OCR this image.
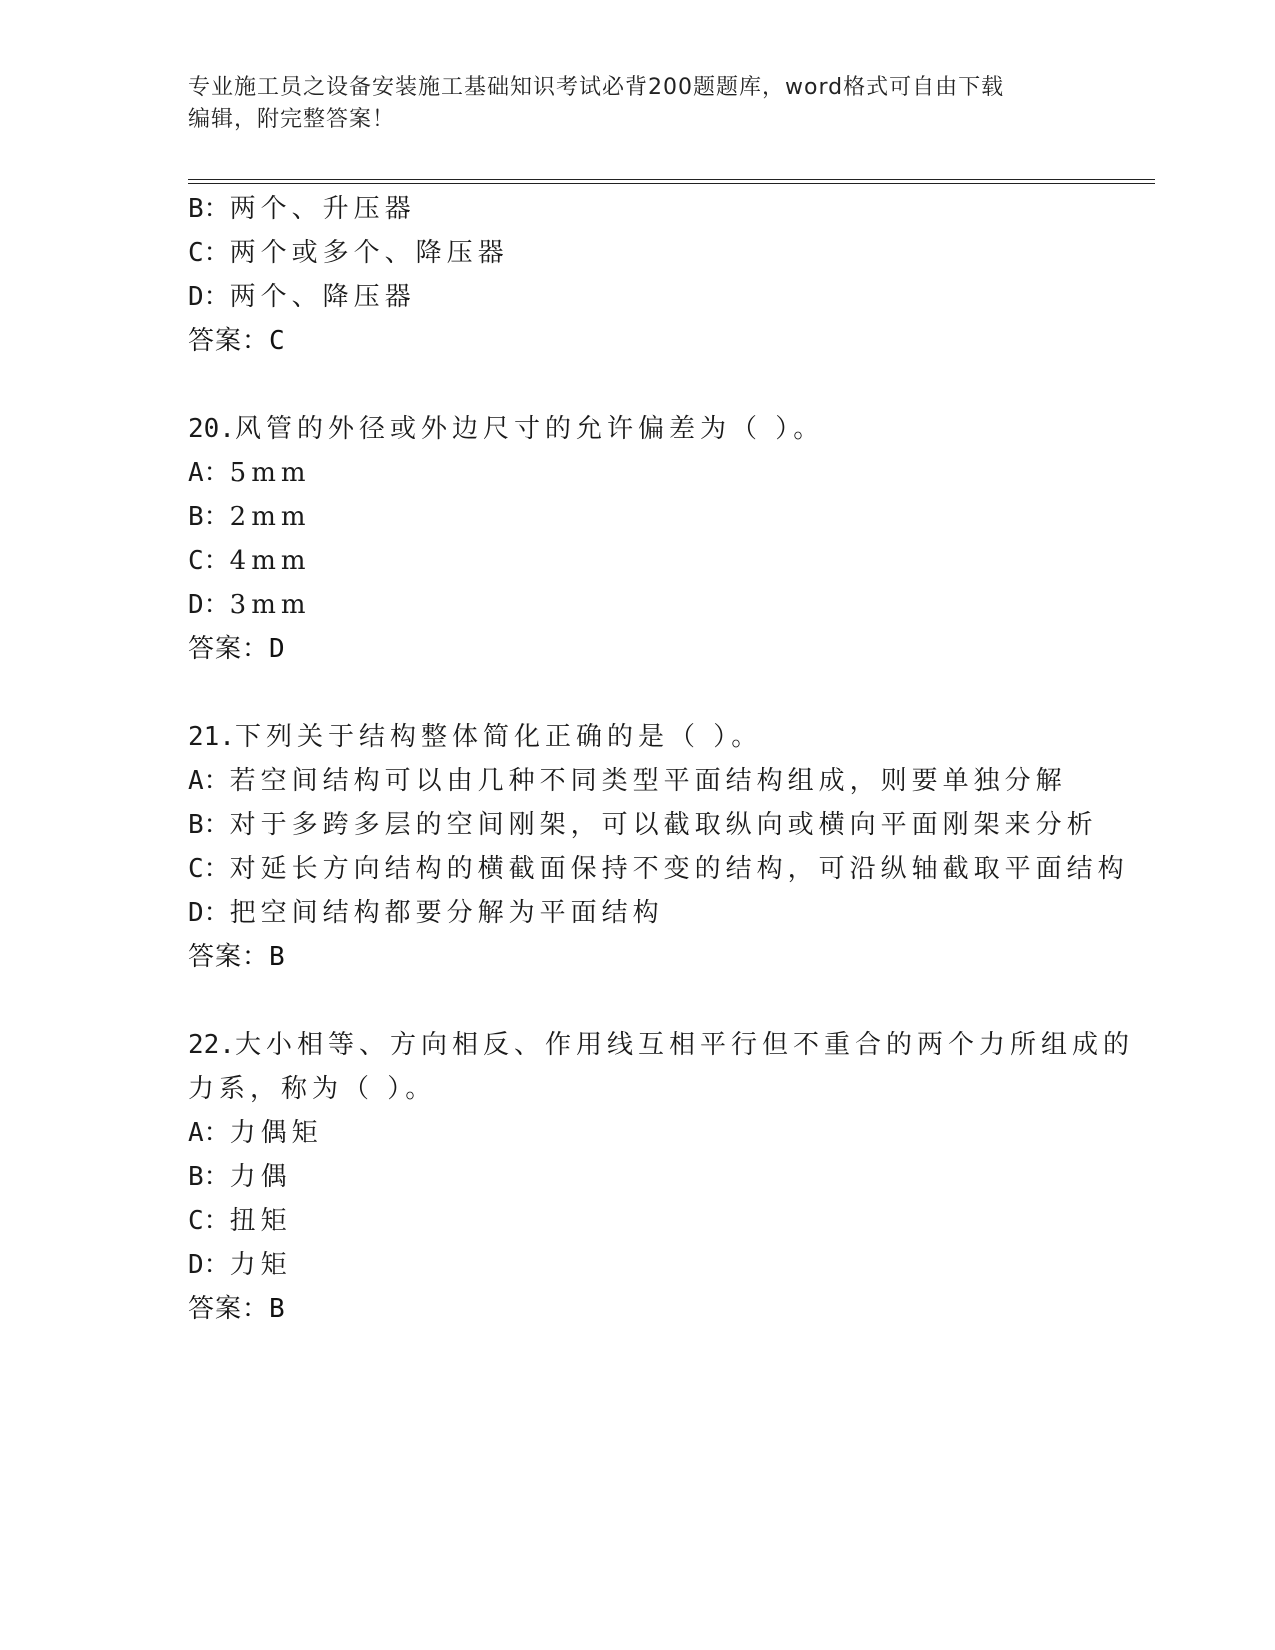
专业施工员之设备安装施工基础知识考试必背200题题库，word格式可自由下载
编辑，附完整答案！
B：两个、升压器
C：两个或多个、降压器
D：两个、降压器
答案：C
20.风管的外径或外边尺寸的允许偏差为（ ）。
A：5mm
B：2mm
C：4mm
D：3mm
答案：D
21.下列关于结构整体简化正确的是（ ）。
A：若空间结构可以由几种不同类型平面结构组成，则要单独分解
B：对于多跨多层的空间刚架，可以截取纵向或横向平面刚架来分析
C：对延长方向结构的横截面保持不变的结构，可沿纵轴截取平面结构
D：把空间结构都要分解为平面结构
答案：B
22.大小相等、方向相反、作用线互相平行但不重合的两个力所组成的
力系，称为（ ）。
A：力偶矩
B：力偶
C：扭矩
D：力矩
答案：B
